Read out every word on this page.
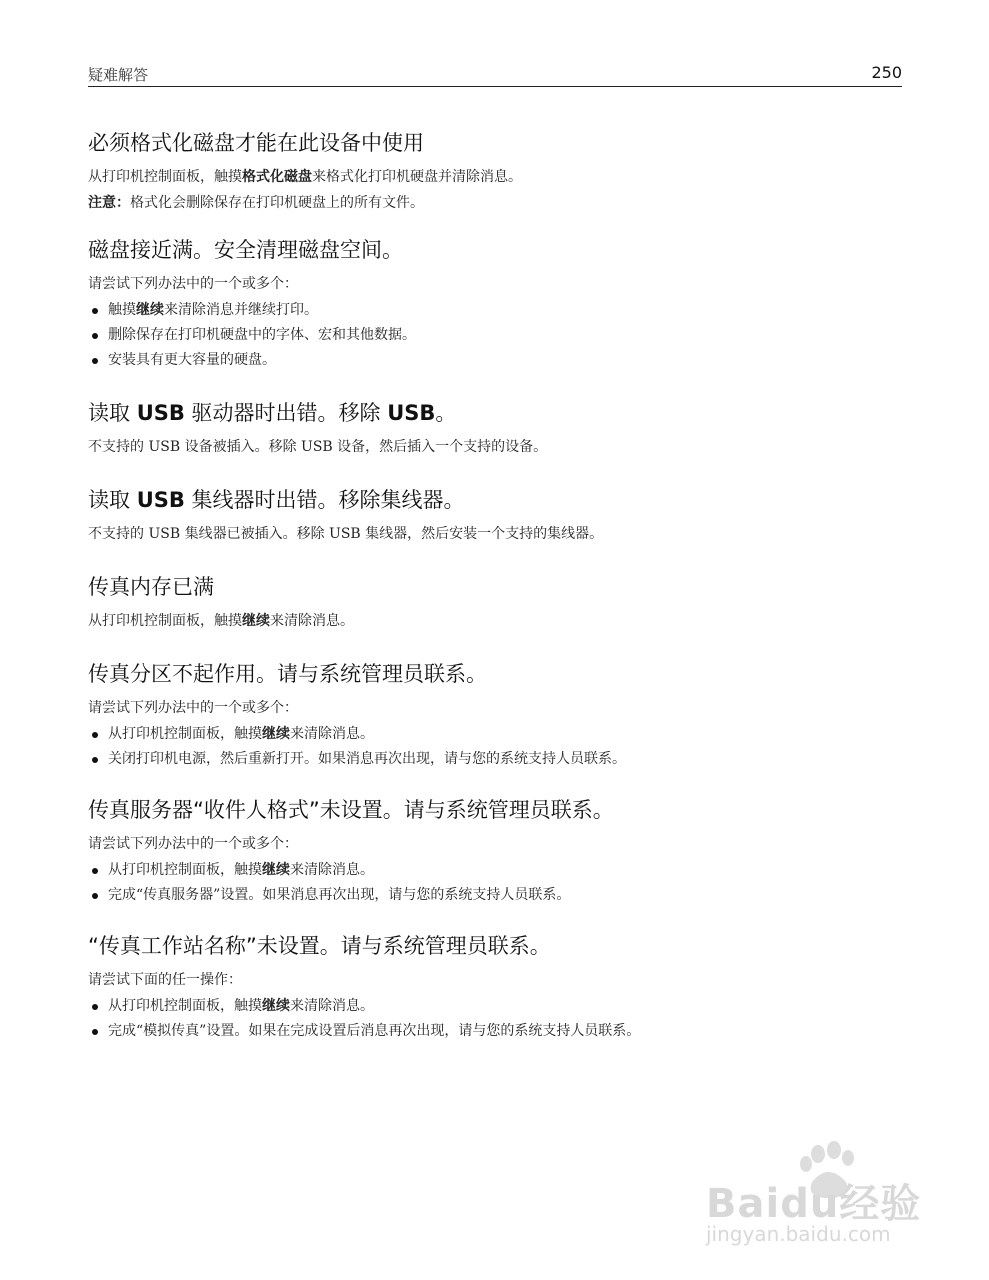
疑难解答	250
必须格式化磁盘才能在此设备中使用

从打印机控制面板，触摸格式化磁盘来格式化打印机硬盘并清除消息。

注意：格式化会删除保存在打印机硬盘上的所有文件。

磁盘接近满。安全清理磁盘空间。

请尝试下列办法中的一个或多个：

触摸继续来清除消息并继续打印。
删除保存在打印机硬盘中的字体、宏和其他数据。
安装具有更大容量的硬盘。
读取 USB 驱动器时出错。移除 USB。

不支持的 USB 设备被插入。移除 USB 设备，然后插入一个支持的设备。

读取 USB 集线器时出错。移除集线器。

不支持的 USB 集线器已被插入。移除 USB 集线器，然后安装一个支持的集线器。

传真内存已满

从打印机控制面板，触摸继续来清除消息。

传真分区不起作用。请与系统管理员联系。

请尝试下列办法中的一个或多个：

从打印机控制面板，触摸继续来清除消息。
关闭打印机电源，然后重新打开。如果消息再次出现，请与您的系统支持人员联系。
传真服务器“收件人格式”未设置。请与系统管理员联系。

请尝试下列办法中的一个或多个：

从打印机控制面板，触摸继续来清除消息。
完成“传真服务器”设置。如果消息再次出现，请与您的系统支持人员联系。
“传真工作站名称”未设置。请与系统管理员联系。

请尝试下面的任一操作：

从打印机控制面板，触摸继续来清除消息。
完成“模拟传真”设置。如果在完成设置后消息再次出现，请与您的系统支持人员联系。
Baidu经验
jingyan.baidu.com
